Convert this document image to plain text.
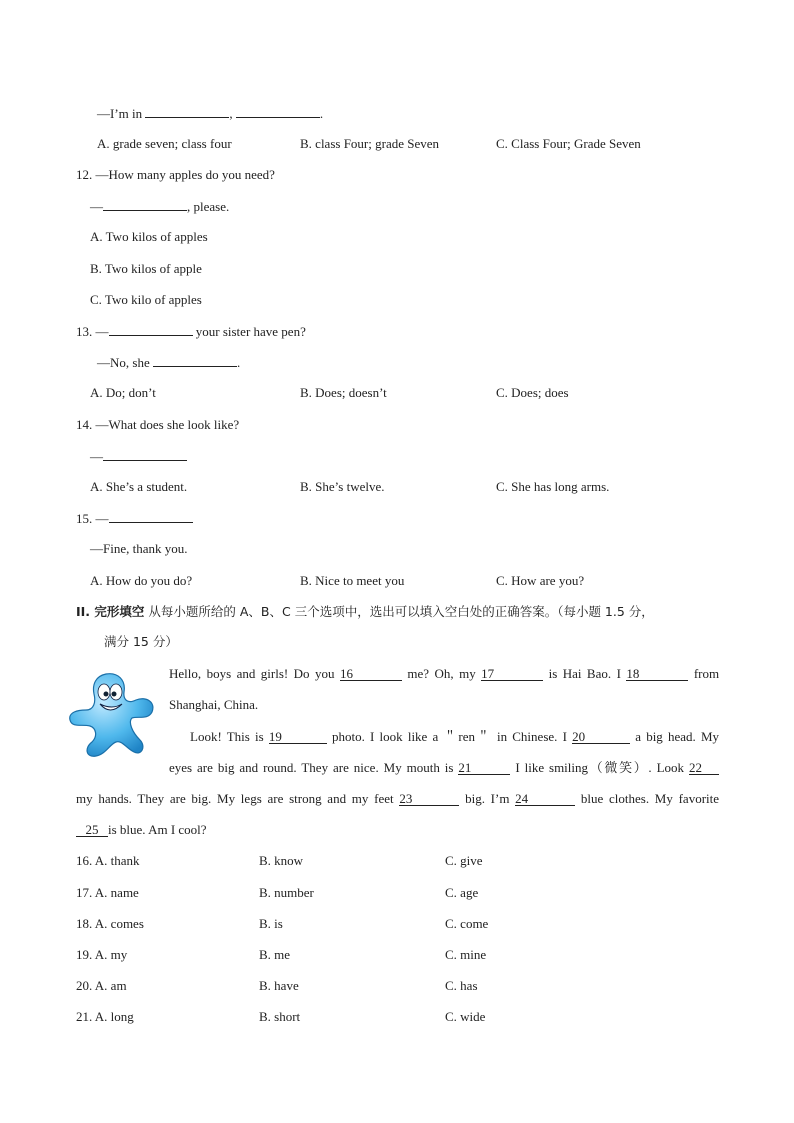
—I’m in	,	.
A. grade seven; class four	B. class Four; grade Seven	C. Class Four; Grade Seven
12. —How many apples do you need?
—	, please.
A. Two kilos of apples
B. Two kilos of apple
C. Two kilo of apples
13. —	your sister have pen?
—No, she	.
A. Do; don’t	B. Does; doesn’t	C. Does; does
14. —What does she look like?
—
A. She’s a student.	B. She’s twelve.	C. She has long arms.
15. —
—Fine, thank you.
A. How do you do?	B. Nice to meet you	C. How are you?
II. 完形填空 从每小题所给的 A、B、C 三个选项中，选出可以填入空白处的正确答案。（每小题 1.5 分，
满分 15 分）
Hello, boys and girls! Do you 16	me? Oh, my 17	is Hai Bao. I 18	from
Shanghai, China.
Look! This is 19	photo. I look like a ＂ren＂ in Chinese. I 20	a big head. My
eyes are big and round. They are nice. My mouth is 21	I like smiling（微笑）. Look 22
my hands. They are big. My legs are strong and my feet 23	big. I’m 24	blue clothes. My favorite
25 is blue. Am I cool?
16. A. thank	B. know	C. give
17. A. name	B. number	C. age
18. A. comes	B. is	C. come
19. A. my	B. me	C. mine
20. A. am	B. have	C. has
21. A. long	B. short	C. wide
